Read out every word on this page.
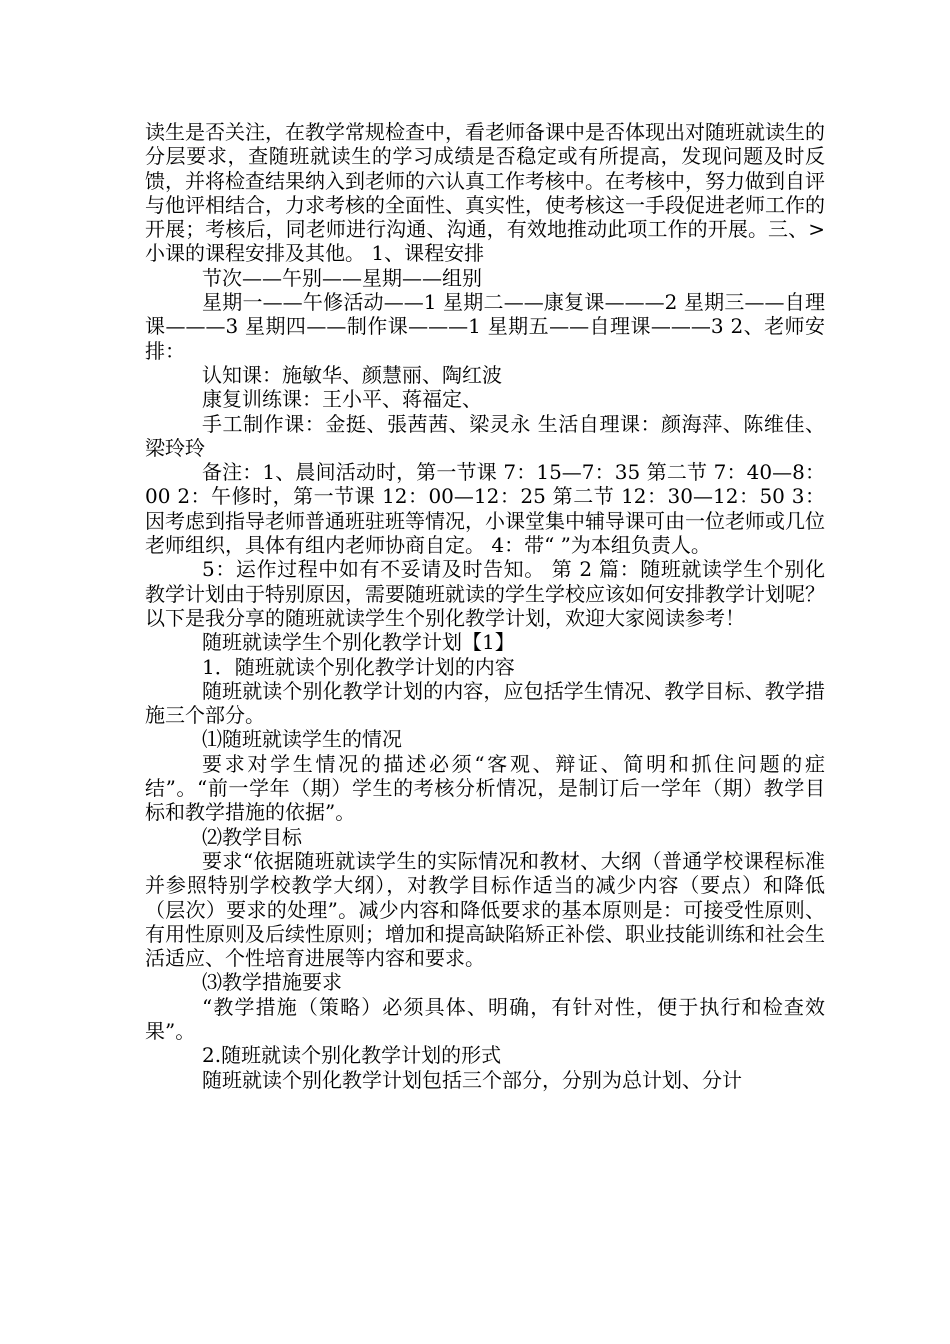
读生是否关注，在教学常规检查中，看老师备课中是否体现出对随班就读生的分层要求，查随班就读生的学习成绩是否稳定或有所提高，发现问题及时反馈，并将检查结果纳入到老师的六认真工作考核中。在考核中，努力做到自评与他评相结合，力求考核的全面性、真实性，使考核这一手段促进老师工作的开展；考核后，同老师进行沟通、沟通，有效地推动此项工作的开展。三、>小课的课程安排及其他。 1、课程安排

节次——午别——星期——组别

星期一——午修活动——1 星期二——康复课———2 星期三——自理课———3 星期四——制作课———1 星期五——自理课———3 2、老师安排：

认知课：施敏华、颜慧丽、陶红波

康复训练课：王小平、蒋福定、

手工制作课：金挺、張茜茜、梁灵永 生活自理课：颜海萍、陈维佳、梁玲玲

备注：1、晨间活动时，第一节课 7：15—7：35 第二节 7：40—8：00 2：午修时，第一节课 12：00—12：25 第二节 12：30—12：50 3：因考虑到指导老师普通班驻班等情况，小课堂集中辅导课可由一位老师或几位老师组织，具体有组内老师协商自定。 4：带“ ”为本组负责人。

5：运作过程中如有不妥请及时告知。 第 2 篇：随班就读学生个别化教学计划由于特别原因，需要随班就读的学生学校应该如何安排教学计划呢？以下是我分享的随班就读学生个别化教学计划，欢迎大家阅读参考！

随班就读学生个别化教学计划【1】

1．随班就读个别化教学计划的内容

随班就读个别化教学计划的内容，应包括学生情况、教学目标、教学措施三个部分。

⑴随班就读学生的情况

要求对学生情况的描述必须“客观、辩证、简明和抓住问题的症结”。“前一学年（期）学生的考核分析情况，是制订后一学年（期）教学目标和教学措施的依据”。

⑵教学目标

要求“依据随班就读学生的实际情况和教材、大纲（普通学校课程标准并参照特别学校教学大纲），对教学目标作适当的减少内容（要点）和降低（层次）要求的处理”。减少内容和降低要求的基本原则是：可接受性原则、有用性原则及后续性原则；增加和提高缺陷矫正补偿、职业技能训练和社会生活适应、个性培育进展等内容和要求。

⑶教学措施要求

“教学措施（策略）必须具体、明确，有针对性，便于执行和检查效果”。

2.随班就读个别化教学计划的形式

随班就读个别化教学计划包括三个部分，分别为总计划、分计
